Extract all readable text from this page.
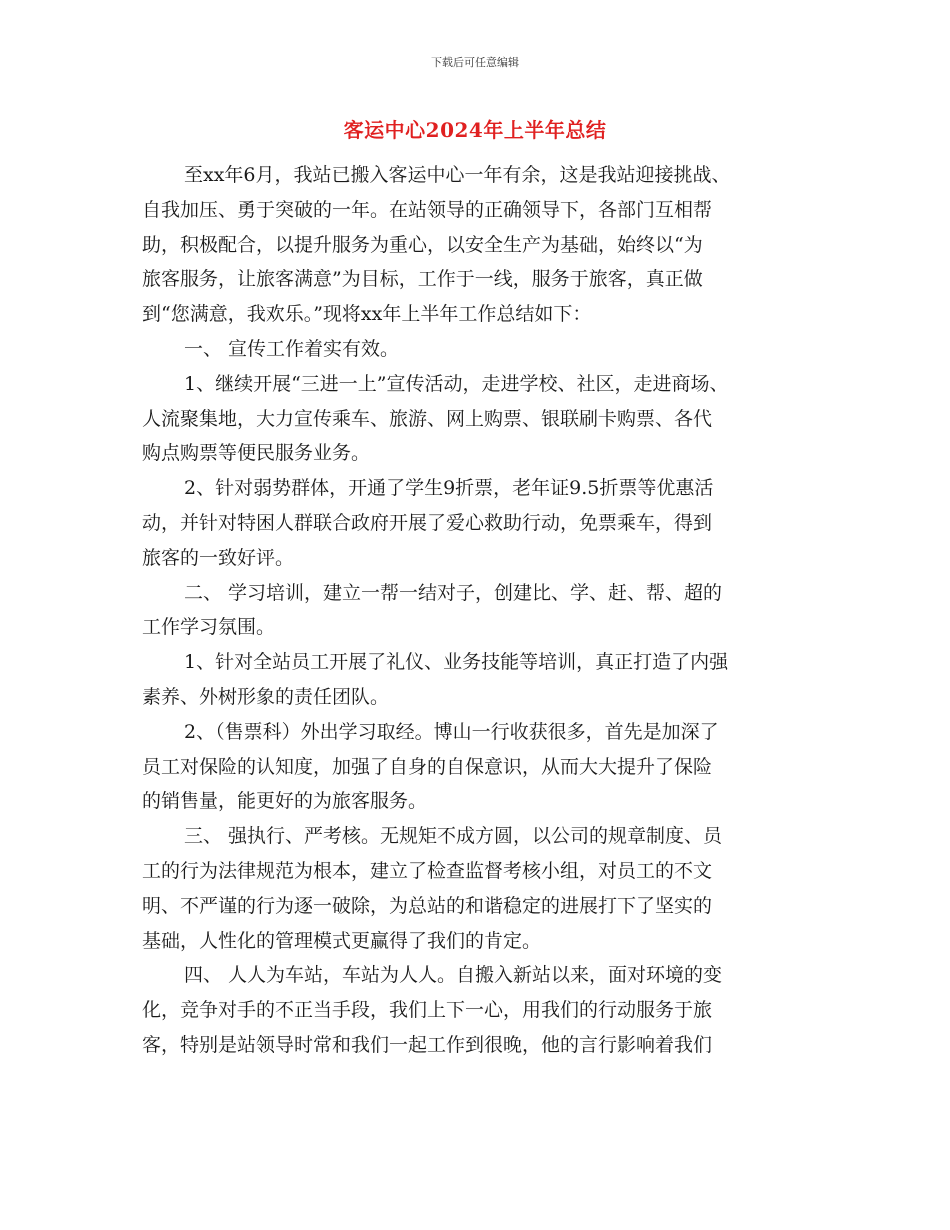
下载后可任意编辑
客运中心2024年上半年总结
至xx年6月，我站已搬入客运中心一年有余，这是我站迎接挑战、
自我加压、勇于突破的一年。在站领导的正确领导下，各部门互相帮
助，积极配合，以提升服务为重心，以安全生产为基础，始终以“为
旅客服务，让旅客满意”为目标，工作于一线，服务于旅客，真正做
到“您满意，我欢乐。”现将xx年上半年工作总结如下：
一、 宣传工作着实有效。
1、继续开展“三进一上”宣传活动，走进学校、社区，走进商场、
人流聚集地，大力宣传乘车、旅游、网上购票、银联刷卡购票、各代
购点购票等便民服务业务。
2、针对弱势群体，开通了学生9折票，老年证9.5折票等优惠活
动，并针对特困人群联合政府开展了爱心救助行动，免票乘车，得到
旅客的一致好评。
二、 学习培训，建立一帮一结对子，创建比、学、赶、帮、超的
工作学习氛围。
1、针对全站员工开展了礼仪、业务技能等培训，真正打造了内强
素养、外树形象的责任团队。
2、（售票科）外出学习取经。博山一行收获很多，首先是加深了
员工对保险的认知度，加强了自身的自保意识，从而大大提升了保险
的销售量，能更好的为旅客服务。
三、 强执行、严考核。无规矩不成方圆，以公司的规章制度、员
工的行为法律规范为根本，建立了检查监督考核小组，对员工的不文
明、不严谨的行为逐一破除，为总站的和谐稳定的进展打下了坚实的
基础，人性化的管理模式更赢得了我们的肯定。
四、 人人为车站，车站为人人。自搬入新站以来，面对环境的变
化，竞争对手的不正当手段，我们上下一心，用我们的行动服务于旅
客，特别是站领导时常和我们一起工作到很晚，他的言行影响着我们
